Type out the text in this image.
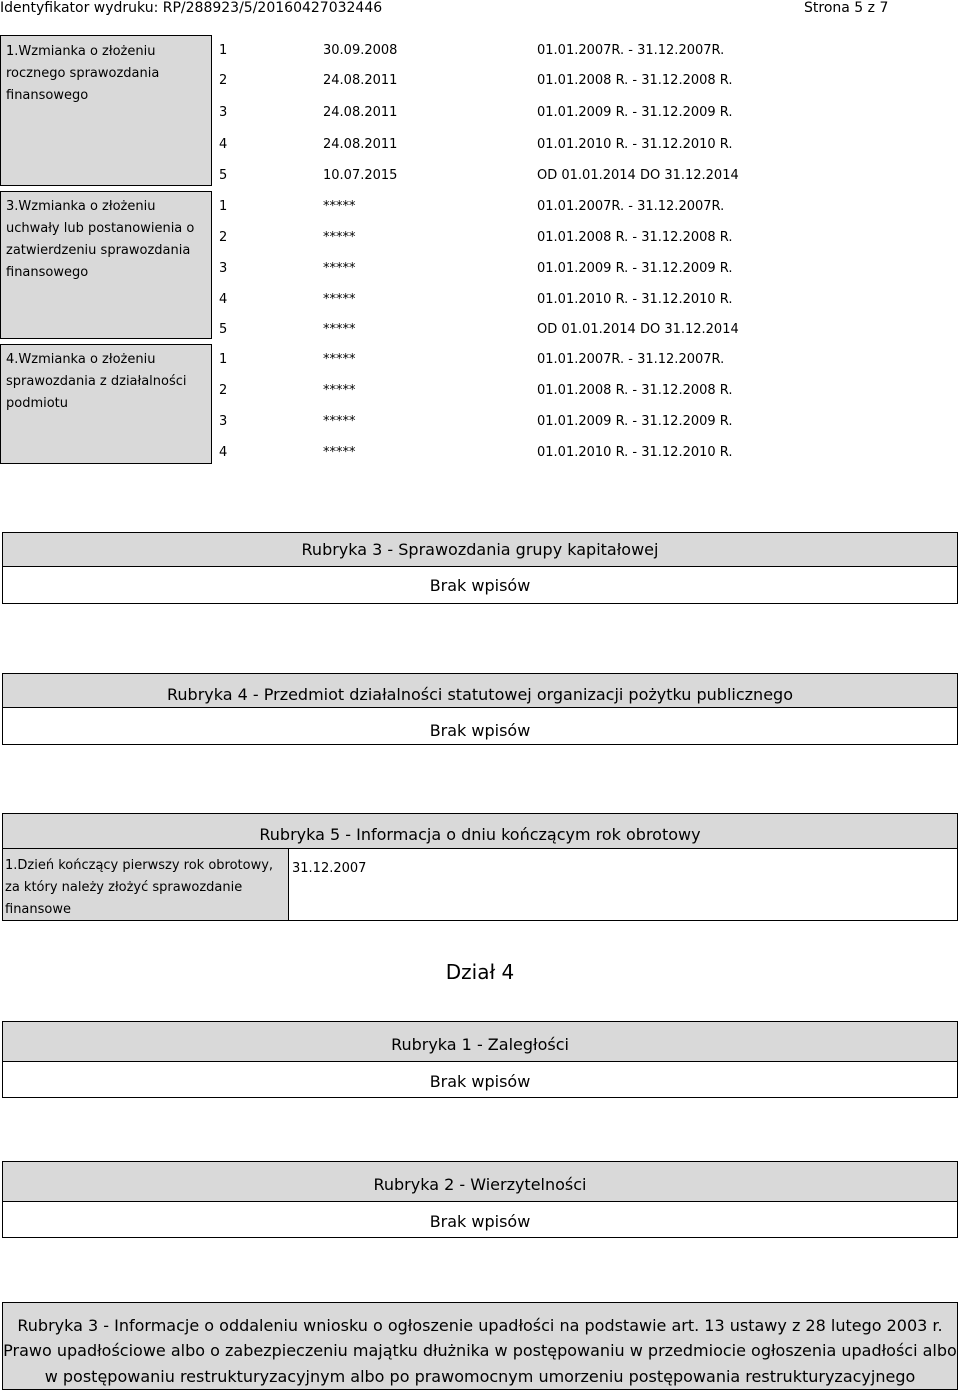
Identyfikator wydruku: RP/288923/5/20160427032446	Strona 5 z 7
1.Wzmianka o złożeniu rocznego sprawozdania finansowego
1	30.09.2008	01.01.2007R. - 31.12.2007R.
2	24.08.2011	01.01.2008 R. - 31.12.2008 R.
3	24.08.2011	01.01.2009 R. - 31.12.2009 R.
4	24.08.2011	01.01.2010 R. - 31.12.2010 R.
5	10.07.2015	OD 01.01.2014 DO 31.12.2014
3.Wzmianka o złożeniu uchwały lub postanowienia o zatwierdzeniu sprawozdania finansowego
1	*****	01.01.2007R. - 31.12.2007R.
2	*****	01.01.2008 R. - 31.12.2008 R.
3	*****	01.01.2009 R. - 31.12.2009 R.
4	*****	01.01.2010 R. - 31.12.2010 R.
5	*****	OD 01.01.2014 DO 31.12.2014
4.Wzmianka o złożeniu sprawozdania z działalności podmiotu
1	*****	01.01.2007R. - 31.12.2007R.
2	*****	01.01.2008 R. - 31.12.2008 R.
3	*****	01.01.2009 R. - 31.12.2009 R.
4	*****	01.01.2010 R. - 31.12.2010 R.
Rubryka 3 - Sprawozdania grupy kapitałowej
Brak wpisów
Rubryka 4 - Przedmiot działalności statutowej organizacji pożytku publicznego
Brak wpisów
Rubryka 5 - Informacja o dniu kończącym rok obrotowy
1.Dzień kończący pierwszy rok obrotowy, za który należy złożyć sprawozdanie finansowe
31.12.2007
Dział 4
Rubryka 1 - Zaległości
Brak wpisów
Rubryka 2 - Wierzytelności
Brak wpisów
Rubryka 3 - Informacje o oddaleniu wniosku o ogłoszenie upadłości na podstawie art. 13 ustawy z 28 lutego 2003 r.
Prawo upadłościowe albo o zabezpieczeniu majątku dłużnika w postępowaniu w przedmiocie ogłoszenia upadłości albo
w postępowaniu restrukturyzacyjnym albo po prawomocnym umorzeniu postępowania restrukturyzacyjnego
